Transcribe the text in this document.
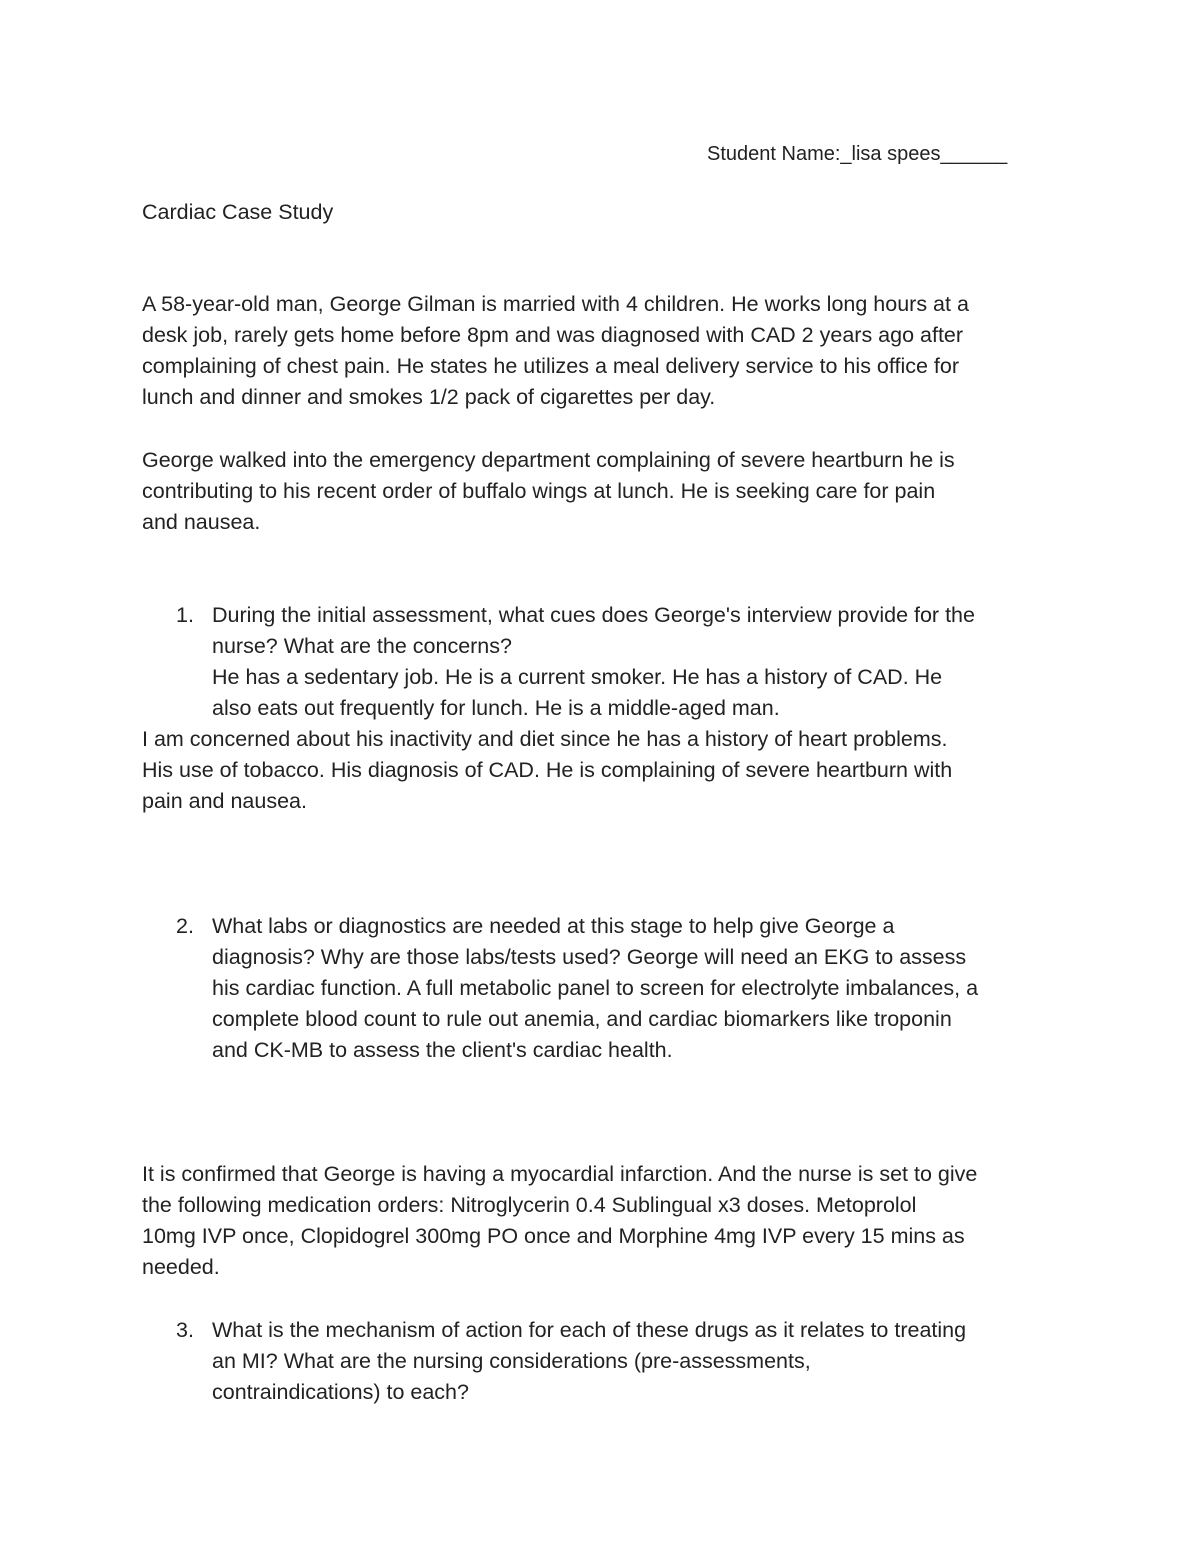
Student Name:_lisa spees______

Cardiac Case Study

A 58-year-old man, George Gilman is married with 4 children. He works long hours at a

desk job, rarely gets home before 8pm and was diagnosed with CAD 2 years ago after

complaining of chest pain. He states he utilizes a meal delivery service to his office for

lunch and dinner and smokes 1/2 pack of cigarettes per day.

George walked into the emergency department complaining of severe heartburn he is

contributing to his recent order of buffalo wings at lunch. He is seeking care for pain

and nausea.

1. During the initial assessment, what cues does George's interview provide for the

nurse? What are the concerns?

He has a sedentary job. He is a current smoker. He has a history of CAD. He

also eats out frequently for lunch. He is a middle-aged man.

I am concerned about his inactivity and diet since he has a history of heart problems.

His use of tobacco. His diagnosis of CAD. He is complaining of severe heartburn with

pain and nausea.

2. What labs or diagnostics are needed at this stage to help give George a

diagnosis? Why are those labs/tests used? George will need an EKG to assess

his cardiac function. A full metabolic panel to screen for electrolyte imbalances, a

complete blood count to rule out anemia, and cardiac biomarkers like troponin

and CK-MB to assess the client's cardiac health.

It is confirmed that George is having a myocardial infarction. And the nurse is set to give

the following medication orders: Nitroglycerin 0.4 Sublingual x3 doses. Metoprolol

10mg IVP once, Clopidogrel 300mg PO once and Morphine 4mg IVP every 15 mins as

needed.

3. What is the mechanism of action for each of these drugs as it relates to treating

an MI? What are the nursing considerations (pre-assessments,

contraindications) to each?
